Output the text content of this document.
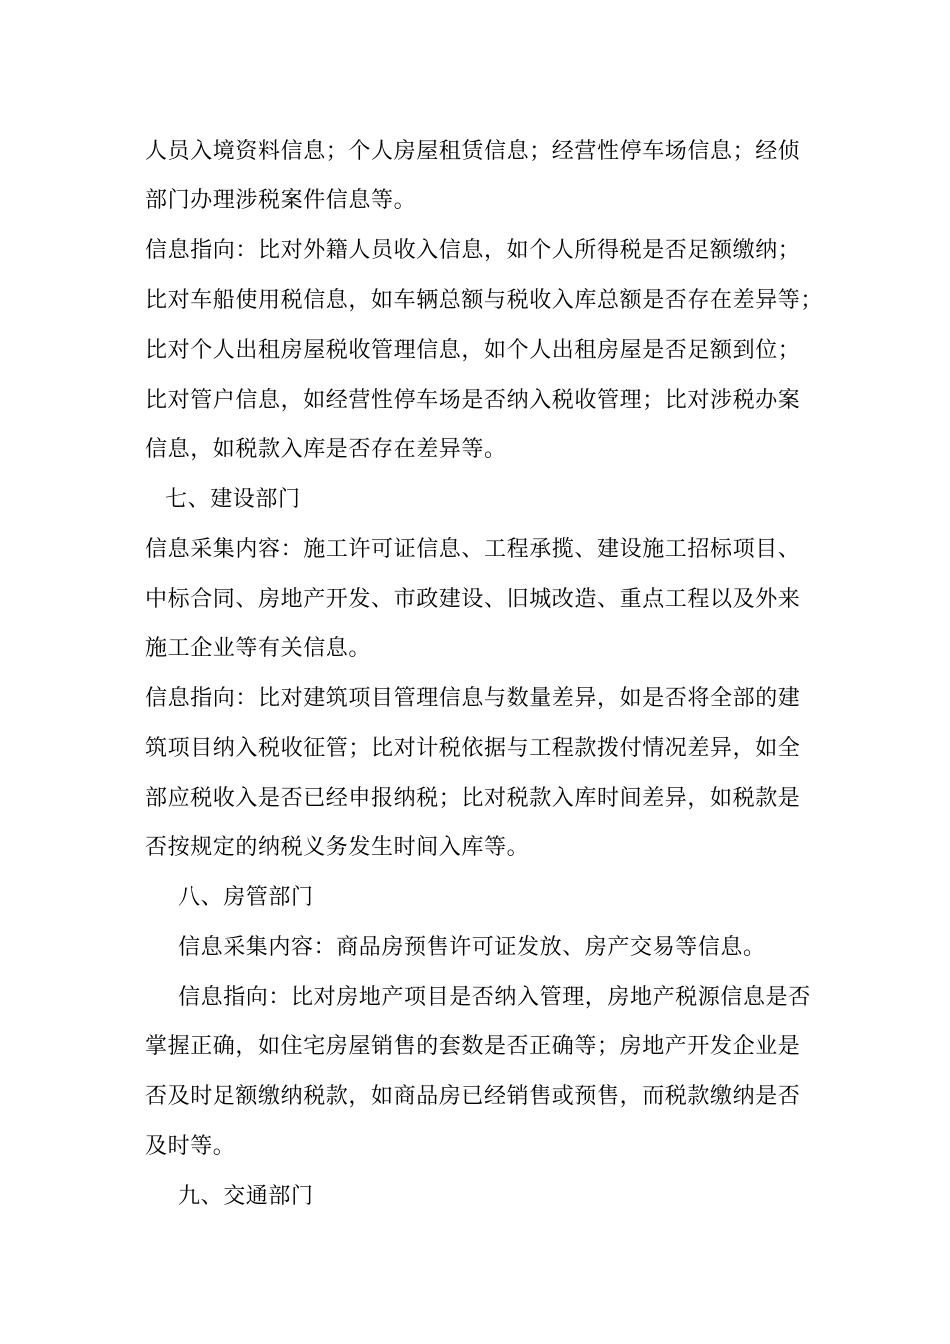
人员入境资料信息；个人房屋租赁信息；经营性停车场信息；经侦
部门办理涉税案件信息等。
信息指向：比对外籍人员收入信息，如个人所得税是否足额缴纳；
比对车船使用税信息，如车辆总额与税收入库总额是否存在差异等；
比对个人出租房屋税收管理信息，如个人出租房屋是否足额到位；
比对管户信息，如经营性停车场是否纳入税收管理；比对涉税办案
信息，如税款入库是否存在差异等。
七、建设部门
信息采集内容：施工许可证信息、工程承揽、建设施工招标项目、
中标合同、房地产开发、市政建设、旧城改造、重点工程以及外来
施工企业等有关信息。
信息指向：比对建筑项目管理信息与数量差异，如是否将全部的建
筑项目纳入税收征管；比对计税依据与工程款拨付情况差异，如全
部应税收入是否已经申报纳税；比对税款入库时间差异，如税款是
否按规定的纳税义务发生时间入库等。
八、房管部门
信息采集内容：商品房预售许可证发放、房产交易等信息。
信息指向：比对房地产项目是否纳入管理，房地产税源信息是否
掌握正确，如住宅房屋销售的套数是否正确等；房地产开发企业是
否及时足额缴纳税款，如商品房已经销售或预售，而税款缴纳是否
及时等。
九、交通部门
